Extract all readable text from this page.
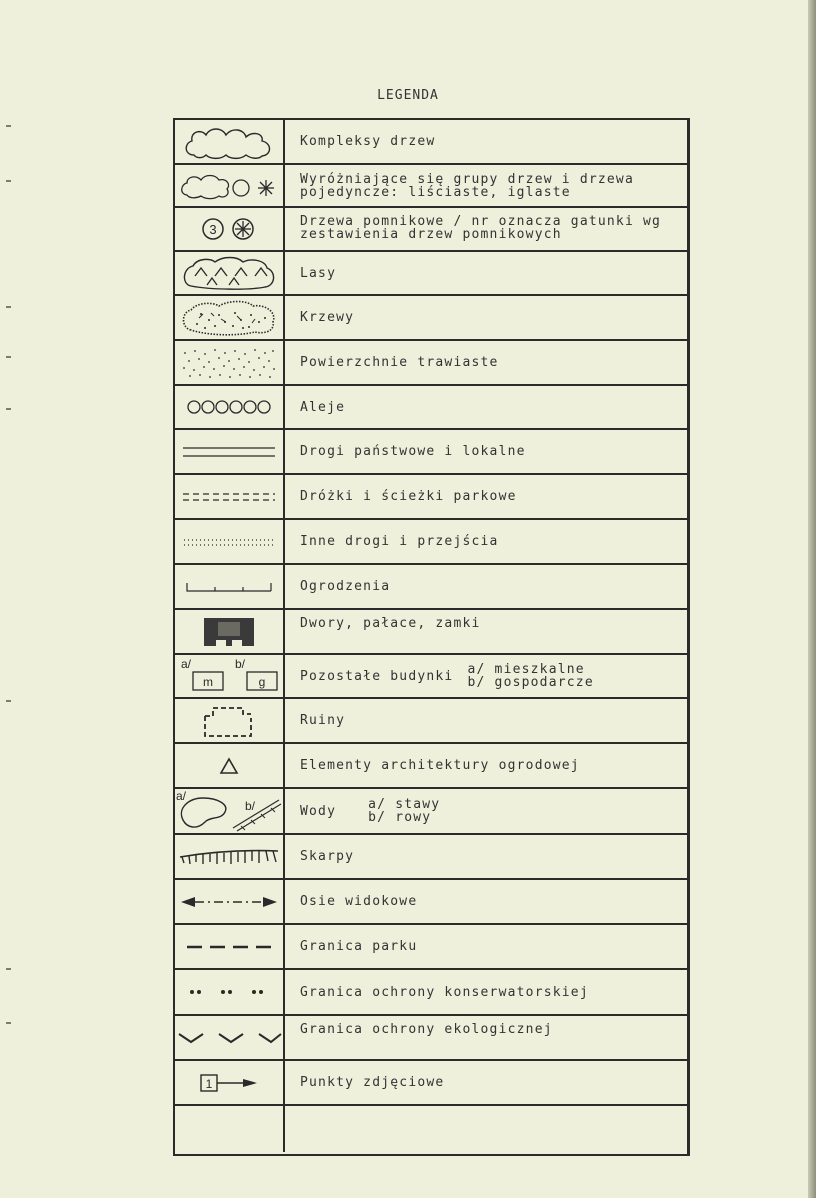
LEGENDA
Kompleksy drzew
Wyróżniające się grupy drzew i drzewa
pojedyncze: liściaste, iglaste
3
Drzewa pomnikowe / nr oznacza gatunki wg
zestawienia drzew pomnikowych
Lasy
Krzewy
Powierzchnie trawiaste
Aleje
Drogi państwowe i lokalne
Dróżki i ścieżki parkowe
Inne drogi i przejścia
Ogrodzenia
Dwory, pałace, zamki
a/	b/
m	g	Pozostałe budynki a/ mieszkalne
b/ gospodarcze
Ruiny
Elementy architektury ogrodowej
a/
b/	Wody a/ stawy
b/ rowy
Skarpy
Osie widokowe
Granica parku
Granica ochrony konserwatorskiej
Granica ochrony ekologicznej
1	Punkty zdjęciowe
